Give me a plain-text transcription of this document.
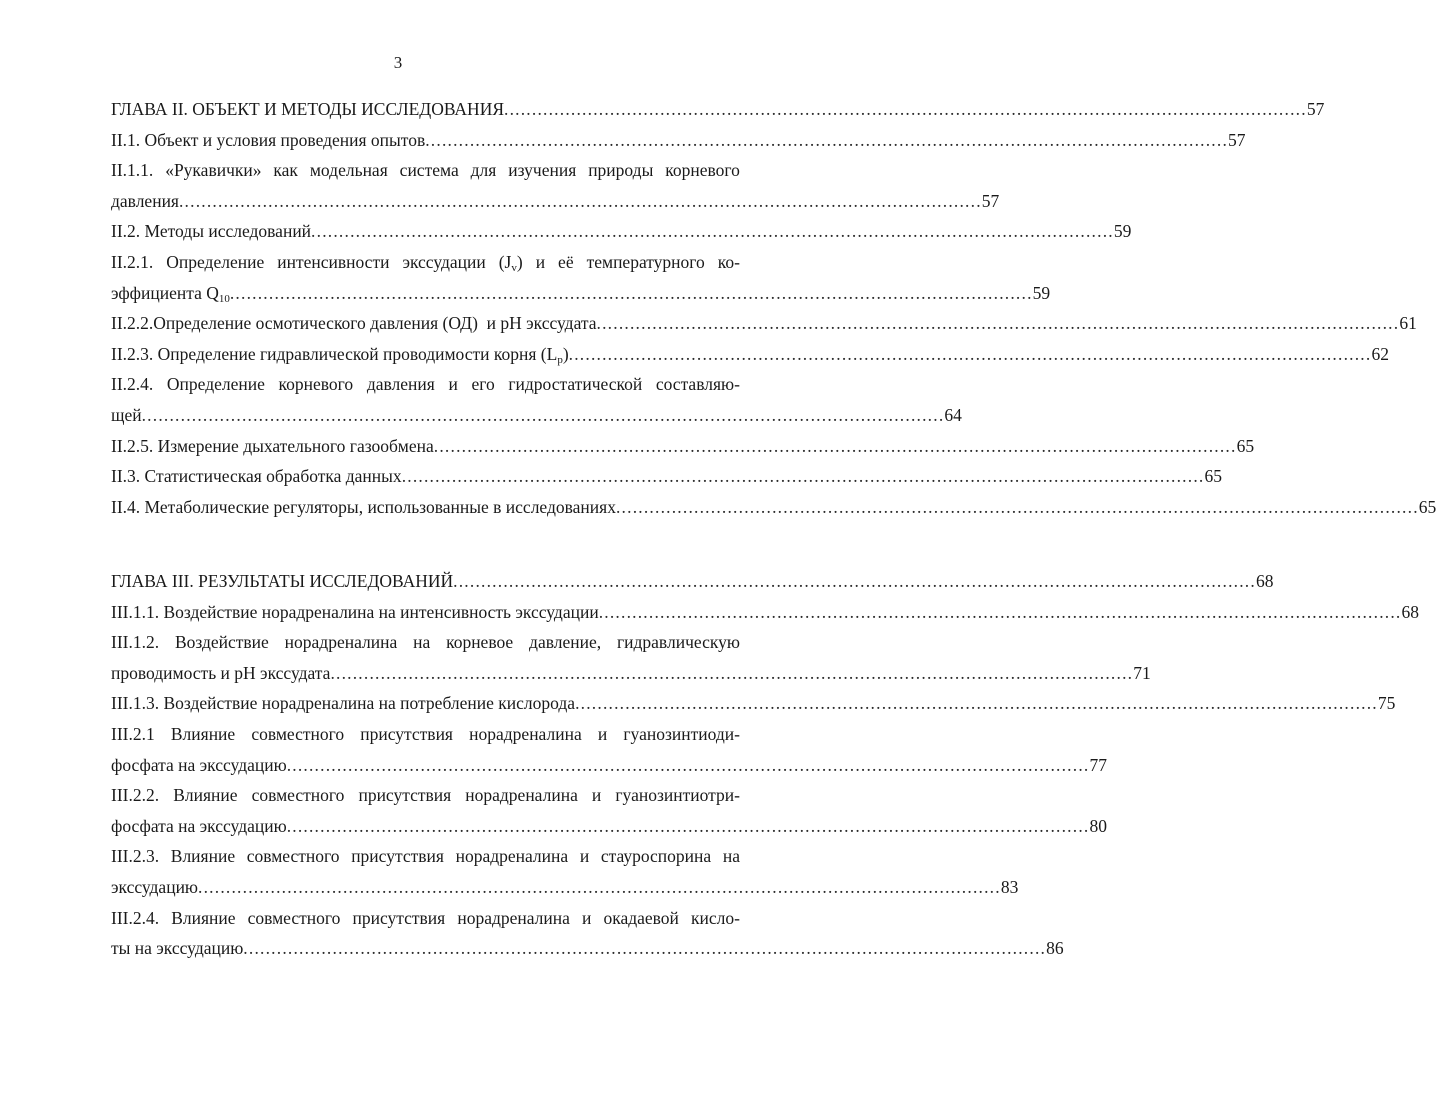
3
ГЛАВА II. ОБЪЕКТ И МЕТОДЫ ИССЛЕДОВАНИЯ ................................................................................................................................................ 57
II.1. Объект и условия проведения опытов ................................................................................................................................................ 57
II.1.1. «Рукавички» как модельная система для изучения природы корневого
давления ................................................................................................................................................ 57
II.2. Методы исследований ................................................................................................................................................ 59
II.2.1. Определение интенсивности экссудации $(J_v)$ и её температурного ко-
эффициента $Q_{10}$ ................................................................................................................................................ 59
II.2.2.Определение осмотического давления (ОД)  и рН экссудата ................................................................................................................................................ 61
II.2.3. Определение гидравлической проводимости корня $(L_p)$ ................................................................................................................................................ 62
II.2.4. Определение корневого давления и его гидростатической составляю-
щей ................................................................................................................................................ 64
II.2.5. Измерение дыхательного газообмена ................................................................................................................................................ 65
II.3. Статистическая обработка данных ................................................................................................................................................ 65
II.4. Метаболические регуляторы, использованные в исследованиях ................................................................................................................................................ 65
ГЛАВА III. РЕЗУЛЬТАТЫ ИССЛЕДОВАНИЙ ................................................................................................................................................ 68
III.1.1. Воздействие норадреналина на интенсивность экссудации ................................................................................................................................................ 68
III.1.2. Воздействие норадреналина на корневое давление, гидравлическую
проводимость и рН экссудата ................................................................................................................................................ 71
III.1.3. Воздействие норадреналина на потребление кислорода ................................................................................................................................................ 75
III.2.1 Влияние совместного присутствия норадреналина и гуанозинтиоди-
фосфата на экссудацию ................................................................................................................................................ 77
III.2.2. Влияние совместного присутствия норадреналина и гуанозинтиотри-
фосфата на экссудацию ................................................................................................................................................ 80
III.2.3. Влияние совместного присутствия норадреналина и стауроспорина на
экссудацию ................................................................................................................................................ 83
III.2.4. Влияние совместного присутствия норадреналина и окадаевой кисло-
ты на экссудацию ................................................................................................................................................ 86
